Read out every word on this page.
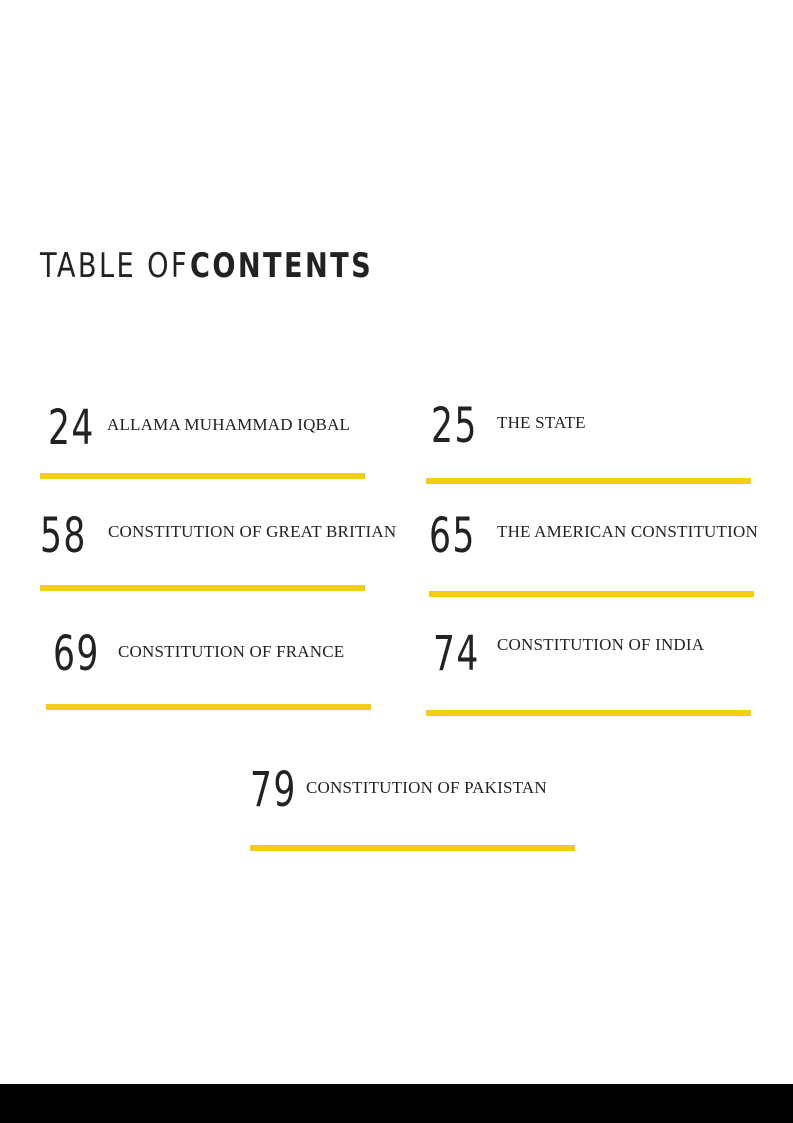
TABLE OFCONTENTS
24 ALLAMA MUHAMMAD IQBAL 25 THE STATE
58 CONSTITUTION OF GREAT BRITIAN 65 THE AMERICAN CONSTITUTION
69 CONSTITUTION OF FRANCE 74 CONSTITUTION OF INDIA
79 CONSTITUTION OF PAKISTAN
